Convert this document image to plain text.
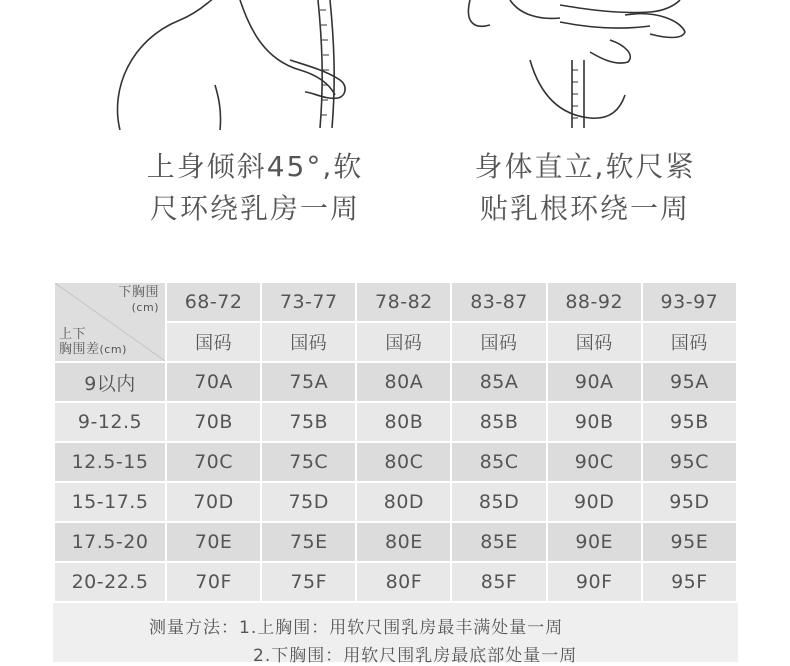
上身倾斜45°,软
尺环绕乳房一周
身体直立,软尺紧
贴乳根环绕一周
下胸围
(cm)
上下
胸围差(cm)	68-72	73-77	78-82	83-87	88-92	93-97
	国码	国码	国码	国码	国码	国码
9以内	70A	75A	80A	85A	90A	95A
9-12.5	70B	75B	80B	85B	90B	95B
12.5-15	70C	75C	80C	85C	90C	95C
15-17.5	70D	75D	80D	85D	90D	95D
17.5-20	70E	75E	80E	85E	90E	95E
20-22.5	70F	75F	80F	85F	90F	95F
测量方法：1.上胸围：用软尺围乳房最丰满处量一周
2.下胸围：用软尺围乳房最底部处量一周
